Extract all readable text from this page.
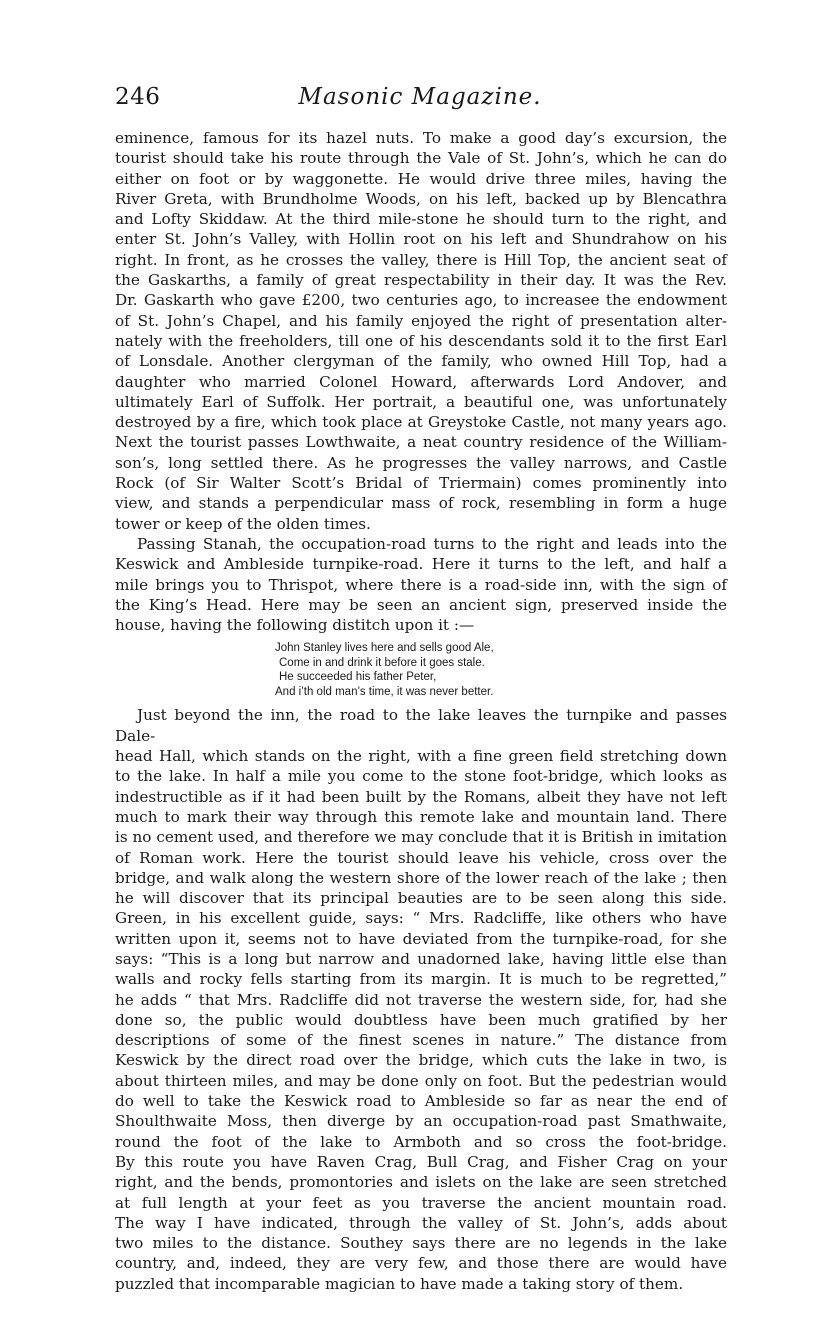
246	Masonic Magazine.

eminence, famous for its hazel nuts. To make a good day’s excursion, the
tourist should take his route through the Vale of St. John’s, which he can do
either on foot or by waggonette. He would drive three miles, having the
River Greta, with Brundholme Woods, on his left, backed up by Blencathra
and Lofty Skiddaw. At the third mile-stone he should turn to the right, and
enter St. John’s Valley, with Hollin root on his left and Shundrahow on his
right. In front, as he crosses the valley, there is Hill Top, the ancient seat of
the Gaskarths, a family of great respectability in their day. It was the Rev.
Dr. Gaskarth who gave £200, two centuries ago, to increasee the endowment
of St. John’s Chapel, and his family enjoyed the right of presentation alter-
nately with the freeholders, till one of his descendants sold it to the first Earl
of Lonsdale. Another clergyman of the family, who owned Hill Top, had a
daughter who married Colonel Howard, afterwards Lord Andover, and
ultimately Earl of Suffolk. Her portrait, a beautiful one, was unfortunately
destroyed by a fire, which took place at Greystoke Castle, not many years ago.
Next the tourist passes Lowthwaite, a neat country residence of the William-
son’s, long settled there. As he progresses the valley narrows, and Castle
Rock (of Sir Walter Scott’s Bridal of Triermain) comes prominently into
view, and stands a perpendicular mass of rock, resembling in form a huge
tower or keep of the olden times.

Passing Stanah, the occupation-road turns to the right and leads into the
Keswick and Ambleside turnpike-road. Here it turns to the left, and half a
mile brings you to Thrispot, where there is a road-side inn, with the sign of
the King’s Head. Here may be seen an ancient sign, preserved inside the
house, having the following distitch upon it :—

John Stanley lives here and sells good Ale,
Come in and drink it before it goes stale.
He succeeded his father Peter,
And i’th old man’s time, it was never better.

Just beyond the inn, the road to the lake leaves the turnpike and passes Dale-
head Hall, which stands on the right, with a fine green field stretching down
to the lake. In half a mile you come to the stone foot-bridge, which looks as
indestructible as if it had been built by the Romans, albeit they have not left
much to mark their way through this remote lake and mountain land. There
is no cement used, and therefore we may conclude that it is British in imitation
of Roman work. Here the tourist should leave his vehicle, cross over the
bridge, and walk along the western shore of the lower reach of the lake ; then
he will discover that its principal beauties are to be seen along this side.
Green, in his excellent guide, says: “ Mrs. Radcliffe, like others who have
written upon it, seems not to have deviated from the turnpike-road, for she
says: “This is a long but narrow and unadorned lake, having little else than
walls and rocky fells starting from its margin. It is much to be regretted,”
he adds “ that Mrs. Radcliffe did not traverse the western side, for, had she
done so, the public would doubtless have been much gratified by her
descriptions of some of the finest scenes in nature.” The distance from
Keswick by the direct road over the bridge, which cuts the lake in two, is
about thirteen miles, and may be done only on foot. But the pedestrian would
do well to take the Keswick road to Ambleside so far as near the end of
Shoulthwaite Moss, then diverge by an occupation-road past Smathwaite,
round the foot of the lake to Armboth and so cross the foot-bridge.
By this route you have Raven Crag, Bull Crag, and Fisher Crag on your
right, and the bends, promontories and islets on the lake are seen stretched
at full length at your feet as you traverse the ancient mountain road.
The way I have indicated, through the valley of St. John’s, adds about
two miles to the distance. Southey says there are no legends in the lake
country, and, indeed, they are very few, and those there are would have
puzzled that incomparable magician to have made a taking story of them.
